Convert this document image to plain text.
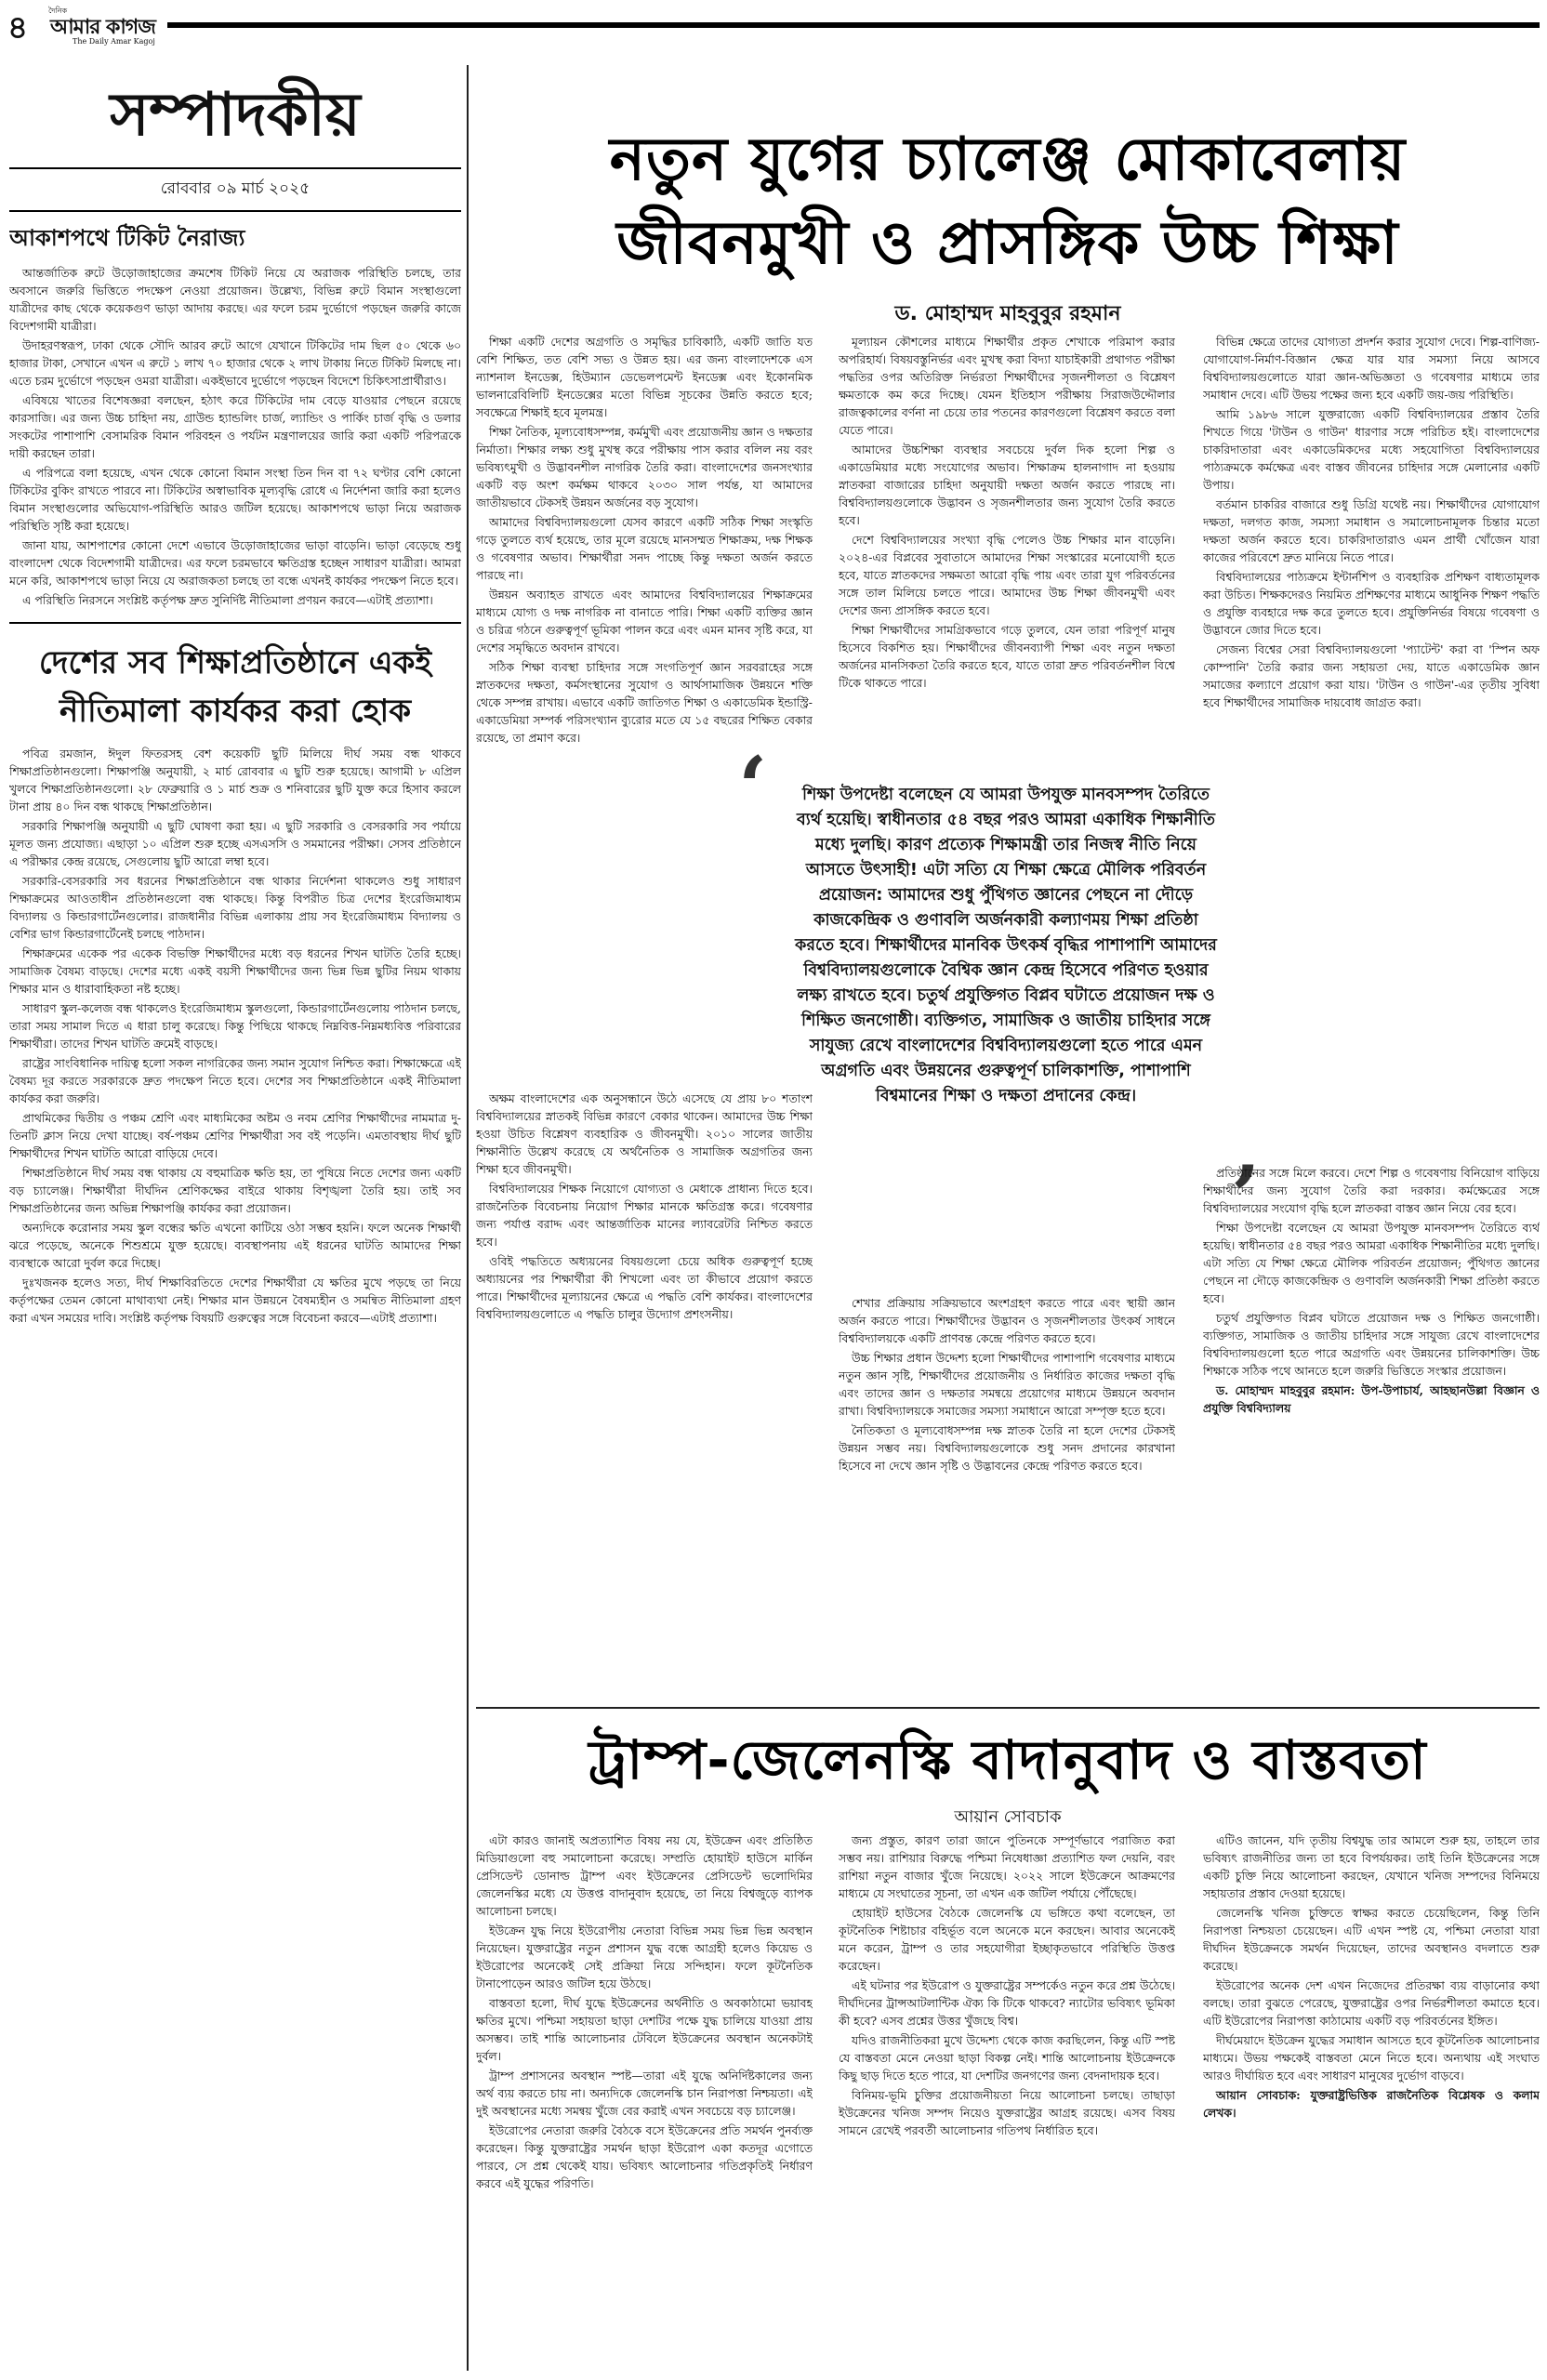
৪	দৈনিক
আমার কাগজ
The Daily Amar Kagoj
সম্পাদকীয়
রোববার ০৯ মার্চ ২০২৫
আকাশপথে টিকিট নৈরাজ্য

আন্তর্জাতিক রুটে উড়োজাহাজের ক্রমশেষ টিকিট নিয়ে যে অরাজক পরিস্থিতি চলছে, তার অবসানে জরুরি ভিত্তিতে পদক্ষেপ নেওয়া প্রয়োজন। উল্লেখ্য, বিভিন্ন রুটে বিমান সংস্থাগুলো যাত্রীদের কাছ থেকে কয়েকগুণ ভাড়া আদায় করছে। এর ফলে চরম দুর্ভোগে পড়ছেন জরুরি কাজে বিদেশগামী যাত্রীরা।

উদাহরণস্বরূপ, ঢাকা থেকে সৌদি আরব রুটে আগে যেখানে টিকিটের দাম ছিল ৫০ থেকে ৬০ হাজার টাকা, সেখানে এখন এ রুটে ১ লাখ ৭০ হাজার থেকে ২ লাখ টাকায় নিতে টিকিট মিলছে না। এতে চরম দুর্ভোগে পড়ছেন ওমরা যাত্রীরা। একইভাবে দুর্ভোগে পড়ছেন বিদেশে চিকিৎসাপ্রার্থীরাও।

এবিষয়ে খাতের বিশেষজ্ঞরা বলছেন, হঠাৎ করে টিকিটের দাম বেড়ে যাওয়ার পেছনে রয়েছে কারসাজি। এর জন্য উচ্চ চাহিদা নয়, গ্রাউন্ড হ্যান্ডলিং চার্জ, ল্যান্ডিং ও পার্কিং চার্জ বৃদ্ধি ও ডলার সংকটের পাশাপাশি বেসামরিক বিমান পরিবহন ও পর্যটন মন্ত্রণালয়ের জারি করা একটি পরিপত্রকে দায়ী করছেন তারা।

এ পরিপত্রে বলা হয়েছে, এখন থেকে কোনো বিমান সংস্থা তিন দিন বা ৭২ ঘণ্টার বেশি কোনো টিকিটের বুকিং রাখতে পারবে না। টিকিটের অস্বাভাবিক মূল্যবৃদ্ধি রোধে এ নির্দেশনা জারি করা হলেও বিমান সংস্থাগুলোর অভিযোগ-পরিস্থিতি আরও জটিল হয়েছে। আকাশপথে ভাড়া নিয়ে অরাজক পরিস্থিতি সৃষ্টি করা হয়েছে।

জানা যায়, আশপাশের কোনো দেশে এভাবে উড়োজাহাজের ভাড়া বাড়েনি। ভাড়া বেড়েছে শুধু বাংলাদেশ থেকে বিদেশগামী যাত্রীদের। এর ফলে চরমভাবে ক্ষতিগ্রস্ত হচ্ছেন সাধারণ যাত্রীরা। আমরা মনে করি, আকাশপথে ভাড়া নিয়ে যে অরাজকতা চলছে তা বন্ধে এখনই কার্যকর পদক্ষেপ নিতে হবে।

এ পরিস্থিতি নিরসনে সংশ্লিষ্ট কর্তৃপক্ষ দ্রুত সুনির্দিষ্ট নীতিমালা প্রণয়ন করবে—এটাই প্রত্যাশা।

দেশের সব শিক্ষাপ্রতিষ্ঠানে একই নীতিমালা কার্যকর করা হোক

পবিত্র রমজান, ঈদুল ফিতরসহ বেশ কয়েকটি ছুটি মিলিয়ে দীর্ঘ সময় বন্ধ থাকবে শিক্ষাপ্রতিষ্ঠানগুলো। শিক্ষাপঞ্জি অনুযায়ী, ২ মার্চ রোববার এ ছুটি শুরু হয়েছে। আগামী ৮ এপ্রিল খুলবে শিক্ষাপ্রতিষ্ঠানগুলো। ২৮ ফেব্রুয়ারি ও ১ মার্চ শুক্র ও শনিবারের ছুটি যুক্ত করে হিসাব করলে টানা প্রায় ৪০ দিন বন্ধ থাকছে শিক্ষাপ্রতিষ্ঠান।

সরকারি শিক্ষাপঞ্জি অনুযায়ী এ ছুটি ঘোষণা করা হয়। এ ছুটি সরকারি ও বেসরকারি সব পর্যায়ে মূলত জন্য প্রযোজ্য। এছাড়া ১০ এপ্রিল শুরু হচ্ছে এসএসসি ও সমমানের পরীক্ষা। সেসব প্রতিষ্ঠানে এ পরীক্ষার কেন্দ্র রয়েছে, সেগুলোয় ছুটি আরো লম্বা হবে।

সরকারি-বেসরকারি সব ধরনের শিক্ষাপ্রতিষ্ঠানে বন্ধ থাকার নির্দেশনা থাকলেও শুধু সাধারণ শিক্ষাক্রমের আওতাধীন প্রতিষ্ঠানগুলো বন্ধ থাকছে। কিন্তু বিপরীত চিত্র দেশের ইংরেজিমাধ্যম বিদ্যালয় ও কিন্ডারগার্টেনগুলোর। রাজধানীর বিভিন্ন এলাকায় প্রায় সব ইংরেজিমাধ্যম বিদ্যালয় ও বেশির ভাগ কিন্ডারগার্টেনেই চলছে পাঠদান।

শিক্ষাক্রমের একেক পর একেক বিভক্তি শিক্ষার্থীদের মধ্যে বড় ধরনের শিখন ঘাটতি তৈরি হচ্ছে। সামাজিক বৈষম্য বাড়ছে। দেশের মধ্যে একই বয়সী শিক্ষার্থীদের জন্য ভিন্ন ভিন্ন ছুটির নিয়ম থাকায় শিক্ষার মান ও ধারাবাহিকতা নষ্ট হচ্ছে।

সাধারণ স্কুল-কলেজ বন্ধ থাকলেও ইংরেজিমাধ্যম স্কুলগুলো, কিন্ডারগার্টেনগুলোয় পাঠদান চলছে, তারা সময় সামাল দিতে এ ধারা চালু করেছে। কিন্তু পিছিয়ে থাকছে নিম্নবিত্ত-নিম্নমধ্যবিত্ত পরিবারের শিক্ষার্থীরা। তাদের শিখন ঘাটতি ক্রমেই বাড়ছে।

রাষ্ট্রের সাংবিধানিক দায়িত্ব হলো সকল নাগরিকের জন্য সমান সুযোগ নিশ্চিত করা। শিক্ষাক্ষেত্রে এই বৈষম্য দূর করতে সরকারকে দ্রুত পদক্ষেপ নিতে হবে। দেশের সব শিক্ষাপ্রতিষ্ঠানে একই নীতিমালা কার্যকর করা জরুরি।

প্রাথমিকের দ্বিতীয় ও পঞ্চম শ্রেণি এবং মাধ্যমিকের অষ্টম ও নবম শ্রেণির শিক্ষার্থীদের নামমাত্র দু-তিনটি ক্লাস নিয়ে দেখা যাচ্ছে। বর্ষ-পঞ্চম শ্রেণির শিক্ষার্থীরা সব বই পড়েনি। এমতাবস্থায় দীর্ঘ ছুটি শিক্ষার্থীদের শিখন ঘাটতি আরো বাড়িয়ে দেবে।

শিক্ষাপ্রতিষ্ঠানে দীর্ঘ সময় বন্ধ থাকায় যে বহুমাত্রিক ক্ষতি হয়, তা পুষিয়ে নিতে দেশের জন্য একটি বড় চ্যালেঞ্জ। শিক্ষার্থীরা দীর্ঘদিন শ্রেণিকক্ষের বাইরে থাকায় বিশৃঙ্খলা তৈরি হয়। তাই সব শিক্ষাপ্রতিষ্ঠানের জন্য অভিন্ন শিক্ষাপঞ্জি কার্যকর করা প্রয়োজন।

অন্যদিকে করোনার সময় স্কুল বন্ধের ক্ষতি এখনো কাটিয়ে ওঠা সম্ভব হয়নি। ফলে অনেক শিক্ষার্থী ঝরে পড়েছে, অনেকে শিশুশ্রমে যুক্ত হয়েছে। ব্যবস্থাপনায় এই ধরনের ঘাটতি আমাদের শিক্ষা ব্যবস্থাকে আরো দুর্বল করে দিচ্ছে।

দুঃখজনক হলেও সত্য, দীর্ঘ শিক্ষাবিরতিতে দেশের শিক্ষার্থীরা যে ক্ষতির মুখে পড়ছে তা নিয়ে কর্তৃপক্ষের তেমন কোনো মাথাব্যথা নেই। শিক্ষার মান উন্নয়নে বৈষম্যহীন ও সমন্বিত নীতিমালা গ্রহণ করা এখন সময়ের দাবি। সংশ্লিষ্ট কর্তৃপক্ষ বিষয়টি গুরুত্বের সঙ্গে বিবেচনা করবে—এটাই প্রত্যাশা।

নতুন যুগের চ্যালেঞ্জ মোকাবেলায়
জীবনমুখী ও প্রাসঙ্গিক উচ্চ শিক্ষা
ড. মোহাম্মদ মাহবুবুর রহমান

শিক্ষা একটি দেশের অগ্রগতি ও সমৃদ্ধির চাবিকাঠি, একটি জাতি যত বেশি শিক্ষিত, তত বেশি সভ্য ও উন্নত হয়। এর জন্য বাংলাদেশকে এস ন্যাশনাল ইনডেক্স, হিউম্যান ডেভেলপমেন্ট ইনডেক্স এবং ইকোনমিক ভালনারেবিলিটি ইনডেক্সের মতো বিভিন্ন সূচকের উন্নতি করতে হবে; সবক্ষেত্রে শিক্ষাই হবে মূলমন্ত্র।

শিক্ষা নৈতিক, মূল্যবোধসম্পন্ন, কর্মমুখী এবং প্রয়োজনীয় জ্ঞান ও দক্ষতার নির্মাতা। শিক্ষার লক্ষ্য শুধু মুখস্থ করে পরীক্ষায় পাস করার বলিল নয় বরং ভবিষ্যৎমুখী ও উদ্ভাবনশীল নাগরিক তৈরি করা। বাংলাদেশের জনসংখ্যার একটি বড় অংশ কর্মক্ষম থাকবে ২০৩০ সাল পর্যন্ত, যা আমাদের জাতীয়ভাবে টেকসই উন্নয়ন অর্জনের বড় সুযোগ।

আমাদের বিশ্ববিদ্যালয়গুলো যেসব কারণে একটি সঠিক শিক্ষা সংস্কৃতি গড়ে তুলতে ব্যর্থ হয়েছে, তার মূলে রয়েছে মানসম্মত শিক্ষাক্রম, দক্ষ শিক্ষক ও গবেষণার অভাব। শিক্ষার্থীরা সনদ পাচ্ছে কিন্তু দক্ষতা অর্জন করতে পারছে না।

উন্নয়ন অব্যাহত রাখতে এবং আমাদের বিশ্ববিদ্যালয়ের শিক্ষাক্রমের মাধ্যমে যোগ্য ও দক্ষ নাগরিক না বানাতে পারি। শিক্ষা একটি ব্যক্তির জ্ঞান ও চরিত্র গঠনে গুরুত্বপূর্ণ ভূমিকা পালন করে এবং এমন মানব সৃষ্টি করে, যা দেশের সমৃদ্ধিতে অবদান রাখবে।

সঠিক শিক্ষা ব্যবস্থা চাহিদার সঙ্গে সংগতিপূর্ণ জ্ঞান সরবরাহের সঙ্গে স্নাতকদের দক্ষতা, কর্মসংস্থানের সুযোগ ও আর্থসামাজিক উন্নয়নে শক্তি থেকে সম্পন্ন রাখায়। এভাবে একটি জাতিগত শিক্ষা ও একাডেমিক ইন্ডাস্ট্রি-একাডেমিয়া সম্পর্ক পরিসংখ্যান ব্যুরোর মতে যে ১৫ বছরের শিক্ষিত বেকার রয়েছে, তা প্রমাণ করে।

মূল্যায়ন কৌশলের মাধ্যমে শিক্ষার্থীর প্রকৃত শেখাকে পরিমাপ করার অপরিহার্য। বিষয়বস্তুনির্ভর এবং মুখস্থ করা বিদ্যা যাচাইকারী প্রথাগত পরীক্ষা পদ্ধতির ওপর অতিরিক্ত নির্ভরতা শিক্ষার্থীদের সৃজনশীলতা ও বিশ্লেষণ ক্ষমতাকে কম করে দিচ্ছে। যেমন ইতিহাস পরীক্ষায় সিরাজউদ্দৌলার রাজত্বকালের বর্ণনা না চেয়ে তার পতনের কারণগুলো বিশ্লেষণ করতে বলা যেতে পারে।

আমাদের উচ্চশিক্ষা ব্যবস্থার সবচেয়ে দুর্বল দিক হলো শিল্প ও একাডেমিয়ার মধ্যে সংযোগের অভাব। শিক্ষাক্রম হালনাগাদ না হওয়ায় স্নাতকরা বাজারের চাহিদা অনুযায়ী দক্ষতা অর্জন করতে পারছে না। বিশ্ববিদ্যালয়গুলোকে উদ্ভাবন ও সৃজনশীলতার জন্য সুযোগ তৈরি করতে হবে।

দেশে বিশ্ববিদ্যালয়ের সংখ্যা বৃদ্ধি পেলেও উচ্চ শিক্ষার মান বাড়েনি। ২০২৪-এর বিপ্লবের সুবাতাসে আমাদের শিক্ষা সংস্কারের মনোযোগী হতে হবে, যাতে স্নাতকদের সক্ষমতা আরো বৃদ্ধি পায় এবং তারা যুগ পরিবর্তনের সঙ্গে তাল মিলিয়ে চলতে পারে। আমাদের উচ্চ শিক্ষা জীবনমুখী এবং দেশের জন্য প্রাসঙ্গিক করতে হবে।

শিক্ষা শিক্ষার্থীদের সামগ্রিকভাবে গড়ে তুলবে, যেন তারা পরিপূর্ণ মানুষ হিসেবে বিকশিত হয়। শিক্ষার্থীদের জীবনব্যাপী শিক্ষা এবং নতুন দক্ষতা অর্জনের মানসিকতা তৈরি করতে হবে, যাতে তারা দ্রুত পরিবর্তনশীল বিশ্বে টিকে থাকতে পারে।

বিভিন্ন ক্ষেত্রে তাদের যোগ্যতা প্রদর্শন করার সুযোগ দেবে। শিল্প-বাণিজ্য-যোগাযোগ-নির্মাণ-বিজ্ঞান ক্ষেত্র যার যার সমস্যা নিয়ে আসবে বিশ্ববিদ্যালয়গুলোতে যারা জ্ঞান-অভিজ্ঞতা ও গবেষণার মাধ্যমে তার সমাধান দেবে। এটি উভয় পক্ষের জন্য হবে একটি জয়-জয় পরিস্থিতি।

আমি ১৯৮৬ সালে যুক্তরাজ্যে একটি বিশ্ববিদ্যালয়ের প্রস্তাব তৈরি শিখতে গিয়ে 'টাউন ও গাউন' ধারণার সঙ্গে পরিচিত হই। বাংলাদেশের চাকরিদাতারা এবং একাডেমিকদের মধ্যে সহযোগিতা বিশ্ববিদ্যালয়ের পাঠ্যক্রমকে কর্মক্ষেত্র এবং বাস্তব জীবনের চাহিদার সঙ্গে মেলানোর একটি উপায়।

বর্তমান চাকরির বাজারে শুধু ডিগ্রি যথেষ্ট নয়। শিক্ষার্থীদের যোগাযোগ দক্ষতা, দলগত কাজ, সমস্যা সমাধান ও সমালোচনামূলক চিন্তার মতো দক্ষতা অর্জন করতে হবে। চাকরিদাতারাও এমন প্রার্থী খোঁজেন যারা কাজের পরিবেশে দ্রুত মানিয়ে নিতে পারে।

বিশ্ববিদ্যালয়ের পাঠ্যক্রমে ইন্টার্নশিপ ও ব্যবহারিক প্রশিক্ষণ বাধ্যতামূলক করা উচিত। শিক্ষকদেরও নিয়মিত প্রশিক্ষণের মাধ্যমে আধুনিক শিক্ষণ পদ্ধতি ও প্রযুক্তি ব্যবহারে দক্ষ করে তুলতে হবে। প্রযুক্তিনির্ভর বিষয়ে গবেষণা ও উদ্ভাবনে জোর দিতে হবে।

সেজন্য বিশ্বের সেরা বিশ্ববিদ্যালয়গুলো 'প্যাটেন্ট' করা বা 'স্পিন অফ কোম্পানি' তৈরি করার জন্য সহায়তা দেয়, যাতে একাডেমিক জ্ঞান সমাজের কল্যাণে প্রয়োগ করা যায়। 'টাউন ও গাউন'-এর তৃতীয় সুবিধা হবে শিক্ষার্থীদের সামাজিক দায়বোধ জাগ্রত করা।

‘	শিক্ষা উপদেষ্টা বলেছেন যে আমরা উপযুক্ত মানবসম্পদ তৈরিতে ব্যর্থ হয়েছি। স্বাধীনতার ৫৪ বছর পরও আমরা একাধিক শিক্ষানীতি মধ্যে দুলছি। কারণ প্রত্যেক শিক্ষামন্ত্রী তার নিজস্ব নীতি নিয়ে আসতে উৎসাহী! এটা সত্যি যে শিক্ষা ক্ষেত্রে মৌলিক পরিবর্তন প্রয়োজন: আমাদের শুধু পুঁথিগত জ্ঞানের পেছনে না দৌড়ে কাজকেন্দ্রিক ও গুণাবলি অর্জনকারী কল্যাণময় শিক্ষা প্রতিষ্ঠা করতে হবে। শিক্ষার্থীদের মানবিক উৎকর্ষ বৃদ্ধির পাশাপাশি আমাদের বিশ্ববিদ্যালয়গুলোকে বৈশ্বিক জ্ঞান কেন্দ্র হিসেবে পরিণত হওয়ার লক্ষ্য রাখতে হবে। চতুর্থ প্রযুক্তিগত বিপ্লব ঘটাতে প্রয়োজন দক্ষ ও শিক্ষিত জনগোষ্ঠী। ব্যক্তিগত, সামাজিক ও জাতীয় চাহিদার সঙ্গে সাযুজ্য রেখে বাংলাদেশের বিশ্ববিদ্যালয়গুলো হতে পারে এমন অগ্রগতি এবং উন্নয়নের গুরুত্বপূর্ণ চালিকাশক্তি, পাশাপাশি বিশ্বমানের শিক্ষা ও দক্ষতা প্রদানের কেন্দ্র।
’

অক্ষম বাংলাদেশের এক অনুসন্ধানে উঠে এসেছে যে প্রায় ৮০ শতাংশ বিশ্ববিদ্যালয়ের স্নাতকই বিভিন্ন কারণে বেকার থাকেন। আমাদের উচ্চ শিক্ষা হওয়া উচিত বিশ্লেষণ ব্যবহারিক ও জীবনমুখী। ২০১০ সালের জাতীয় শিক্ষানীতি উল্লেখ করেছে যে অর্থনৈতিক ও সামাজিক অগ্রগতির জন্য শিক্ষা হবে জীবনমুখী।

বিশ্ববিদ্যালয়ের শিক্ষক নিয়োগে যোগ্যতা ও মেধাকে প্রাধান্য দিতে হবে। রাজনৈতিক বিবেচনায় নিয়োগ শিক্ষার মানকে ক্ষতিগ্রস্ত করে। গবেষণার জন্য পর্যাপ্ত বরাদ্দ এবং আন্তর্জাতিক মানের ল্যাবরেটরি নিশ্চিত করতে হবে।

ওবিই পদ্ধতিতে অধ্যয়নের বিষয়গুলো চেয়ে অধিক গুরুত্বপূর্ণ হচ্ছে অধ্যায়নের পর শিক্ষার্থীরা কী শিখলো এবং তা কীভাবে প্রয়োগ করতে পারে। শিক্ষার্থীদের মূল্যায়নের ক্ষেত্রে এ পদ্ধতি বেশি কার্যকর। বাংলাদেশের বিশ্ববিদ্যালয়গুলোতে এ পদ্ধতি চালুর উদ্যোগ প্রশংসনীয়।

শেখার প্রক্রিয়ায় সক্রিয়ভাবে অংশগ্রহণ করতে পারে এবং স্থায়ী জ্ঞান অর্জন করতে পারে। শিক্ষার্থীদের উদ্ভাবন ও সৃজনশীলতার উৎকর্ষ সাধনে বিশ্ববিদ্যালয়কে একটি প্রাণবন্ত কেন্দ্রে পরিণত করতে হবে।

উচ্চ শিক্ষার প্রধান উদ্দেশ্য হলো শিক্ষার্থীদের পাশাপাশি গবেষণার মাধ্যমে নতুন জ্ঞান সৃষ্টি, শিক্ষার্থীদের প্রয়োজনীয় ও নির্ধারিত কাজের দক্ষতা বৃদ্ধি এবং তাদের জ্ঞান ও দক্ষতার সমন্বয়ে প্রয়োগের মাধ্যমে উন্নয়নে অবদান রাখা। বিশ্ববিদ্যালয়কে সমাজের সমস্যা সমাধানে আরো সম্পৃক্ত হতে হবে।

নৈতিকতা ও মূল্যবোধসম্পন্ন দক্ষ স্নাতক তৈরি না হলে দেশের টেকসই উন্নয়ন সম্ভব নয়। বিশ্ববিদ্যালয়গুলোকে শুধু সনদ প্রদানের কারখানা হিসেবে না দেখে জ্ঞান সৃষ্টি ও উদ্ভাবনের কেন্দ্রে পরিণত করতে হবে।

প্রতিষ্ঠানের সঙ্গে মিলে করবে। দেশে শিল্প ও গবেষণায় বিনিয়োগ বাড়িয়ে শিক্ষার্থীদের জন্য সুযোগ তৈরি করা দরকার। কর্মক্ষেত্রের সঙ্গে বিশ্ববিদ্যালয়ের সংযোগ বৃদ্ধি হলে স্নাতকরা বাস্তব জ্ঞান নিয়ে বের হবে।

শিক্ষা উপদেষ্টা বলেছেন যে আমরা উপযুক্ত মানবসম্পদ তৈরিতে ব্যর্থ হয়েছি। স্বাধীনতার ৫৪ বছর পরও আমরা একাধিক শিক্ষানীতির মধ্যে দুলছি। এটা সত্যি যে শিক্ষা ক্ষেত্রে মৌলিক পরিবর্তন প্রয়োজন; পুঁথিগত জ্ঞানের পেছনে না দৌড়ে কাজকেন্দ্রিক ও গুণাবলি অর্জনকারী শিক্ষা প্রতিষ্ঠা করতে হবে।

চতুর্থ প্রযুক্তিগত বিপ্লব ঘটাতে প্রয়োজন দক্ষ ও শিক্ষিত জনগোষ্ঠী। ব্যক্তিগত, সামাজিক ও জাতীয় চাহিদার সঙ্গে সাযুজ্য রেখে বাংলাদেশের বিশ্ববিদ্যালয়গুলো হতে পারে অগ্রগতি এবং উন্নয়নের চালিকাশক্তি। উচ্চ শিক্ষাকে সঠিক পথে আনতে হলে জরুরি ভিত্তিতে সংস্কার প্রয়োজন।

ড. মোহাম্মদ মাহবুবুর রহমান: উপ-উপাচার্য, আহছানউল্লা বিজ্ঞান ও প্রযুক্তি বিশ্ববিদ্যালয়

ট্রাম্প-জেলেনস্কি বাদানুবাদ ও বাস্তবতা
আয়ান সোবচাক

এটা কারও জানাই অপ্রত্যাশিত বিষয় নয় যে, ইউক্রেন এবং প্রতিষ্ঠিত মিডিয়াগুলো বহু সমালোচনা করেছে। সম্প্রতি হোয়াইট হাউসে মার্কিন প্রেসিডেন্ট ডোনাল্ড ট্রাম্প এবং ইউক্রেনের প্রেসিডেন্ট ভলোদিমির জেলেনস্কির মধ্যে যে উত্তপ্ত বাদানুবাদ হয়েছে, তা নিয়ে বিশ্বজুড়ে ব্যাপক আলোচনা চলছে।

ইউক্রেন যুদ্ধ নিয়ে ইউরোপীয় নেতারা বিভিন্ন সময় ভিন্ন ভিন্ন অবস্থান নিয়েছেন। যুক্তরাষ্ট্রের নতুন প্রশাসন যুদ্ধ বন্ধে আগ্রহী হলেও কিয়েভ ও ইউরোপের অনেকেই সেই প্রক্রিয়া নিয়ে সন্দিহান। ফলে কূটনৈতিক টানাপোড়েন আরও জটিল হয়ে উঠছে।

বাস্তবতা হলো, দীর্ঘ যুদ্ধে ইউক্রেনের অর্থনীতি ও অবকাঠামো ভয়াবহ ক্ষতির মুখে। পশ্চিমা সহায়তা ছাড়া দেশটির পক্ষে যুদ্ধ চালিয়ে যাওয়া প্রায় অসম্ভব। তাই শান্তি আলোচনার টেবিলে ইউক্রেনের অবস্থান অনেকটাই দুর্বল।

ট্রাম্প প্রশাসনের অবস্থান স্পষ্ট—তারা এই যুদ্ধে অনির্দিষ্টকালের জন্য অর্থ ব্যয় করতে চায় না। অন্যদিকে জেলেনস্কি চান নিরাপত্তা নিশ্চয়তা। এই দুই অবস্থানের মধ্যে সমন্বয় খুঁজে বের করাই এখন সবচেয়ে বড় চ্যালেঞ্জ।

ইউরোপের নেতারা জরুরি বৈঠকে বসে ইউক্রেনের প্রতি সমর্থন পুনর্ব্যক্ত করেছেন। কিন্তু যুক্তরাষ্ট্রের সমর্থন ছাড়া ইউরোপ একা কতদূর এগোতে পারবে, সে প্রশ্ন থেকেই যায়। ভবিষ্যৎ আলোচনার গতিপ্রকৃতিই নির্ধারণ করবে এই যুদ্ধের পরিণতি।

জন্য প্রস্তুত, কারণ তারা জানে পুতিনকে সম্পূর্ণভাবে পরাজিত করা সম্ভব নয়। রাশিয়ার বিরুদ্ধে পশ্চিমা নিষেধাজ্ঞা প্রত্যাশিত ফল দেয়নি, বরং রাশিয়া নতুন বাজার খুঁজে নিয়েছে। ২০২২ সালে ইউক্রেনে আক্রমণের মাধ্যমে যে সংঘাতের সূচনা, তা এখন এক জটিল পর্যায়ে পৌঁছেছে।

হোয়াইট হাউসের বৈঠকে জেলেনস্কি যে ভঙ্গিতে কথা বলেছেন, তা কূটনৈতিক শিষ্টাচার বহির্ভূত বলে অনেকে মনে করছেন। আবার অনেকেই মনে করেন, ট্রাম্প ও তার সহযোগীরা ইচ্ছাকৃতভাবে পরিস্থিতি উত্তপ্ত করেছেন।

এই ঘটনার পর ইউরোপ ও যুক্তরাষ্ট্রের সম্পর্কেও নতুন করে প্রশ্ন উঠেছে। দীর্ঘদিনের ট্রান্সআটলান্টিক ঐক্য কি টিকে থাকবে? ন্যাটোর ভবিষ্যৎ ভূমিকা কী হবে? এসব প্রশ্নের উত্তর খুঁজছে বিশ্ব।

যদিও রাজনীতিকরা মুখে উদ্দেশ্য থেকে কাজ করছিলেন, কিন্তু এটি স্পষ্ট যে বাস্তবতা মেনে নেওয়া ছাড়া বিকল্প নেই। শান্তি আলোচনায় ইউক্রেনকে কিছু ছাড় দিতে হতে পারে, যা দেশটির জনগণের জন্য বেদনাদায়ক হবে।

বিনিময়-ভূমি চুক্তির প্রয়োজনীয়তা নিয়ে আলোচনা চলছে। তাছাড়া ইউক্রেনের খনিজ সম্পদ নিয়েও যুক্তরাষ্ট্রের আগ্রহ রয়েছে। এসব বিষয় সামনে রেখেই পরবর্তী আলোচনার গতিপথ নির্ধারিত হবে।

এটিও জানেন, যদি তৃতীয় বিশ্বযুদ্ধ তার আমলে শুরু হয়, তাহলে তার ভবিষ্যৎ রাজনীতির জন্য তা হবে বিপর্যয়কর। তাই তিনি ইউক্রেনের সঙ্গে একটি চুক্তি নিয়ে আলোচনা করছেন, যেখানে খনিজ সম্পদের বিনিময়ে সহায়তার প্রস্তাব দেওয়া হয়েছে।

জেলেনস্কি খনিজ চুক্তিতে স্বাক্ষর করতে চেয়েছিলেন, কিন্তু তিনি নিরাপত্তা নিশ্চয়তা চেয়েছেন। এটি এখন স্পষ্ট যে, পশ্চিমা নেতারা যারা দীর্ঘদিন ইউক্রেনকে সমর্থন দিয়েছেন, তাদের অবস্থানও বদলাতে শুরু করেছে।

ইউরোপের অনেক দেশ এখন নিজেদের প্রতিরক্ষা ব্যয় বাড়ানোর কথা বলছে। তারা বুঝতে পেরেছে, যুক্তরাষ্ট্রের ওপর নির্ভরশীলতা কমাতে হবে। এটি ইউরোপের নিরাপত্তা কাঠামোয় একটি বড় পরিবর্তনের ইঙ্গিত।

দীর্ঘমেয়াদে ইউক্রেন যুদ্ধের সমাধান আসতে হবে কূটনৈতিক আলোচনার মাধ্যমে। উভয় পক্ষকেই বাস্তবতা মেনে নিতে হবে। অন্যথায় এই সংঘাত আরও দীর্ঘায়িত হবে এবং সাধারণ মানুষের দুর্ভোগ বাড়বে।

আয়ান সোবচাক: যুক্তরাষ্ট্রভিত্তিক রাজনৈতিক বিশ্লেষক ও কলাম লেখক।
